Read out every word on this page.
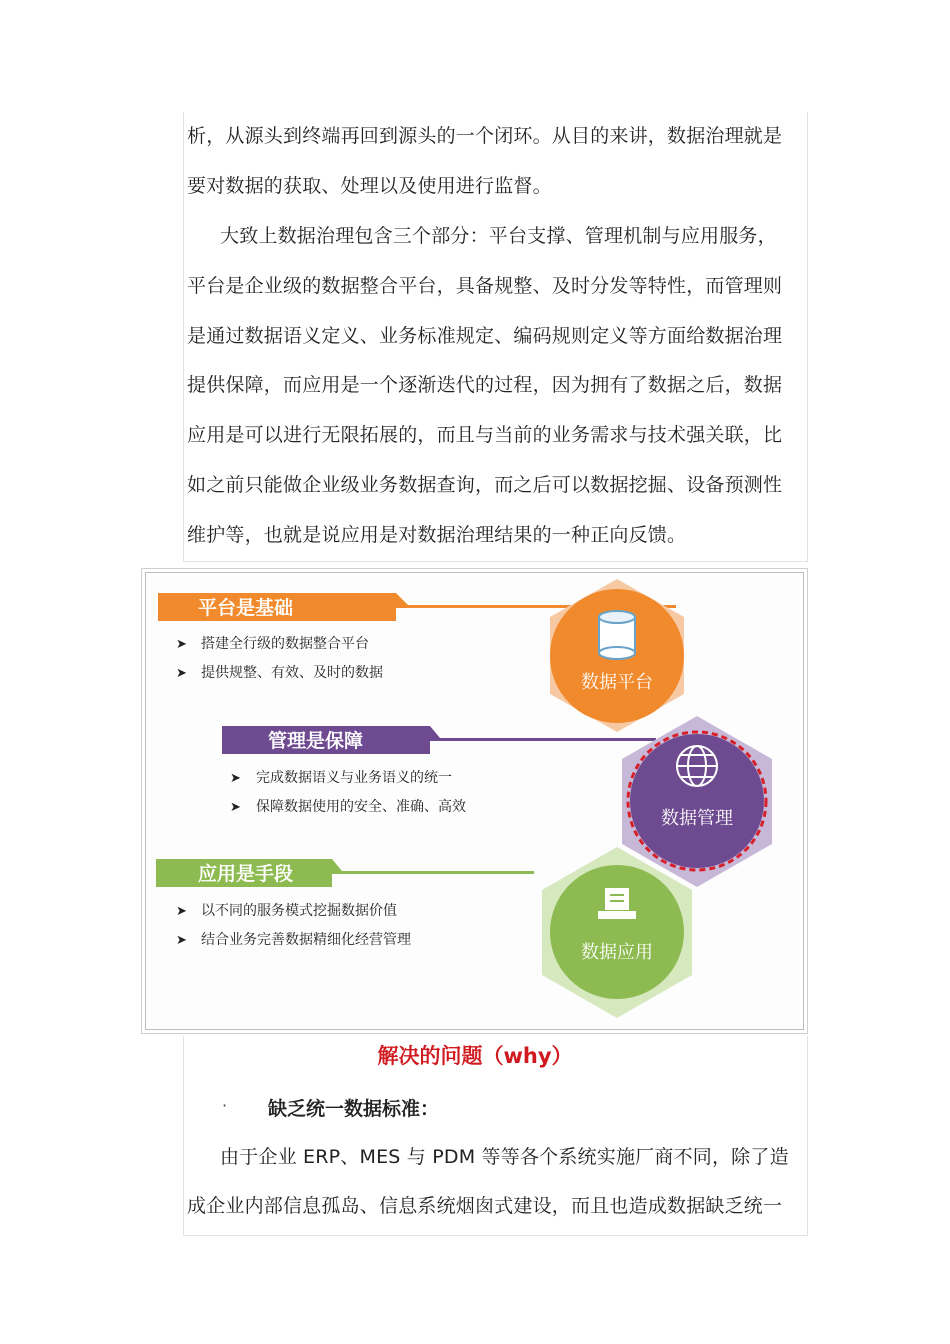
析，从源头到终端再回到源头的一个闭环。从目的来讲，数据治理就是
要对数据的获取、处理以及使用进行监督。
大致上数据治理包含三个部分：平台支撑、管理机制与应用服务，
平台是企业级的数据整合平台，具备规整、及时分发等特性，而管理则
是通过数据语义定义、业务标准规定、编码规则定义等方面给数据治理
提供保障，而应用是一个逐渐迭代的过程，因为拥有了数据之后，数据
应用是可以进行无限拓展的，而且与当前的业务需求与技术强关联，比
如之前只能做企业级业务数据查询，而之后可以数据挖掘、设备预测性
维护等，也就是说应用是对数据治理结果的一种正向反馈。
平台是基础
➤ 搭建全行级的数据整合平台
➤ 提供规整、有效、及时的数据	数据平台
管理是保障
➤ 完成数据语义与业务语义的统一
➤ 保障数据使用的安全、准确、高效
数据管理
应用是手段
➤ 以不同的服务模式挖掘数据价值
➤ 结合业务完善数据精细化经营管理
数据应用
解决的问题（why）
· 缺乏统一数据标准：
由于企业 ERP、MES 与 PDM 等等各个系统实施厂商不同，除了造
成企业内部信息孤岛、信息系统烟囱式建设，而且也造成数据缺乏统一
